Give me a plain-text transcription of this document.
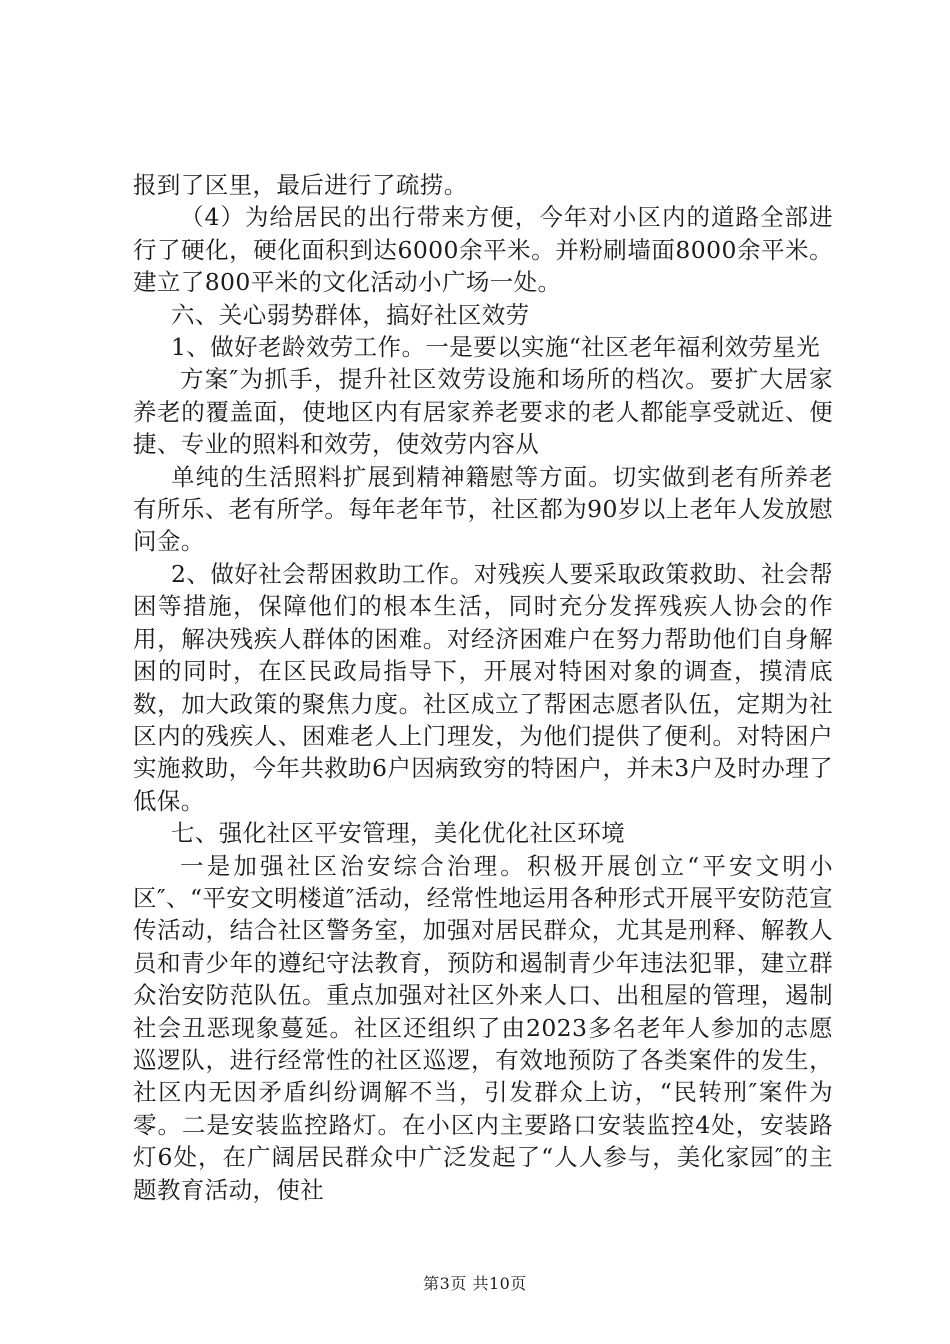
报到了区里，最后进行了疏捞。

（4）为给居民的出行带来方便，今年对小区内的道路全部进行了硬化，硬化面积到达6000余平米。并粉刷墙面8000余平米。建立了800平米的文化活动小广场一处。

六、关心弱势群体，搞好社区效劳

1、做好老龄效劳工作。一是要以实施“社区老年福利效劳星光

方案″为抓手，提升社区效劳设施和场所的档次。要扩大居家养老的覆盖面，使地区内有居家养老要求的老人都能享受就近、便捷、专业的照料和效劳，使效劳内容从

单纯的生活照料扩展到精神籍慰等方面。切实做到老有所养老有所乐、老有所学。每年老年节，社区都为90岁以上老年人发放慰问金。

2、做好社会帮困救助工作。对残疾人要采取政策救助、社会帮困等措施，保障他们的根本生活，同时充分发挥残疾人协会的作用，解决残疾人群体的困难。对经济困难户在努力帮助他们自身解困的同时，在区民政局指导下，开展对特困对象的调查，摸清底数，加大政策的聚焦力度。社区成立了帮困志愿者队伍，定期为社区内的残疾人、困难老人上门理发，为他们提供了便利。对特困户实施救助，今年共救助6户因病致穷的特困户，并未3户及时办理了低保。

七、强化社区平安管理，美化优化社区环境

一是加强社区治安综合治理。积极开展创立“平安文明小区″、“平安文明楼道″活动，经常性地运用各种形式开展平安防范宣传活动，结合社区警务室，加强对居民群众，尤其是刑释、解教人员和青少年的遵纪守法教育，预防和遏制青少年违法犯罪，建立群众治安防范队伍。重点加强对社区外来人口、出租屋的管理，遏制社会丑恶现象蔓延。社区还组织了由2023多名老年人参加的志愿巡逻队，进行经常性的社区巡逻，有效地预防了各类案件的发生，社区内无因矛盾纠纷调解不当，引发群众上访，“民转刑″案件为零。二是安装监控路灯。在小区内主要路口安装监控4处，安装路灯6处，在广阔居民群众中广泛发起了“人人参与，美化家园″的主题教育活动，使社

第3页 共10页
